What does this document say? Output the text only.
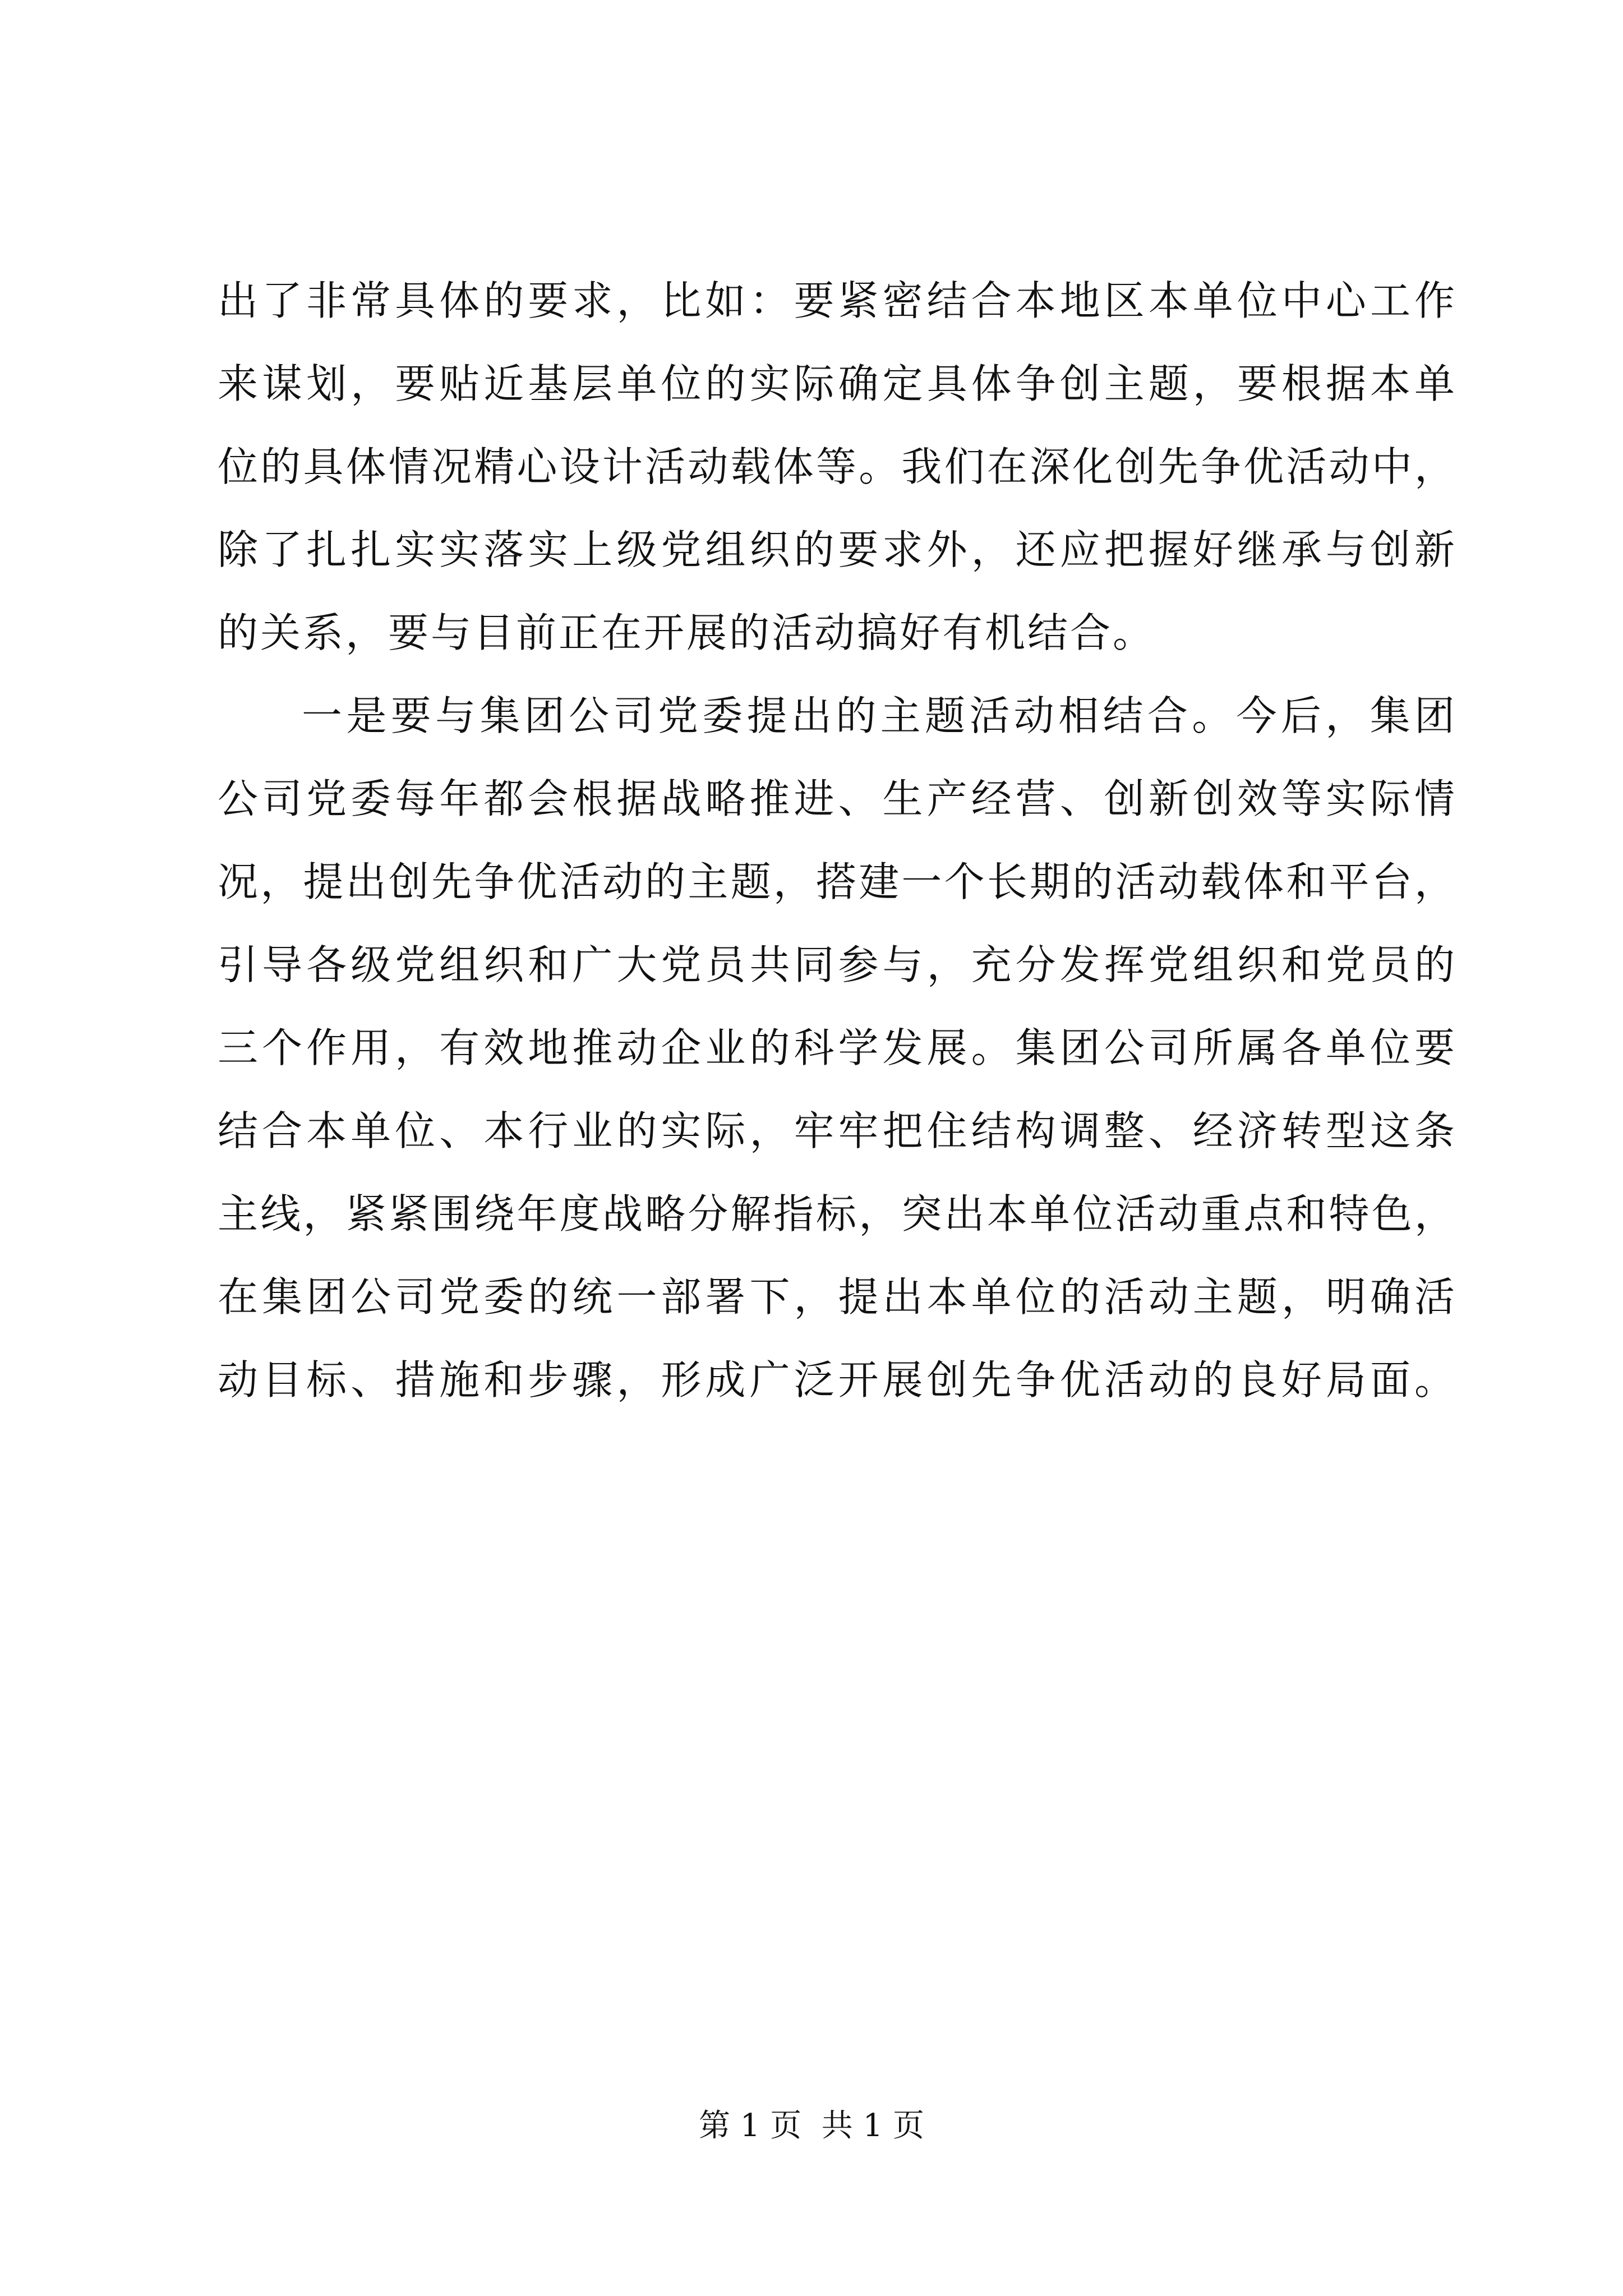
出了非常具体的要求，比如：要紧密结合本地区本单位中心工作
来谋划，要贴近基层单位的实际确定具体争创主题，要根据本单
位的具体情况精心设计活动载体等。我们在深化创先争优活动中，
除了扎扎实实落实上级党组织的要求外，还应把握好继承与创新
的关系，要与目前正在开展的活动搞好有机结合。
一是要与集团公司党委提出的主题活动相结合。今后，集团
公司党委每年都会根据战略推进、生产经营、创新创效等实际情
况，提出创先争优活动的主题，搭建一个长期的活动载体和平台，
引导各级党组织和广大党员共同参与，充分发挥党组织和党员的
三个作用，有效地推动企业的科学发展。集团公司所属各单位要
结合本单位、本行业的实际，牢牢把住结构调整、经济转型这条
主线，紧紧围绕年度战略分解指标，突出本单位活动重点和特色，
在集团公司党委的统一部署下，提出本单位的活动主题，明确活
动目标、措施和步骤，形成广泛开展创先争优活动的良好局面。
第 1 页  共 1 页
